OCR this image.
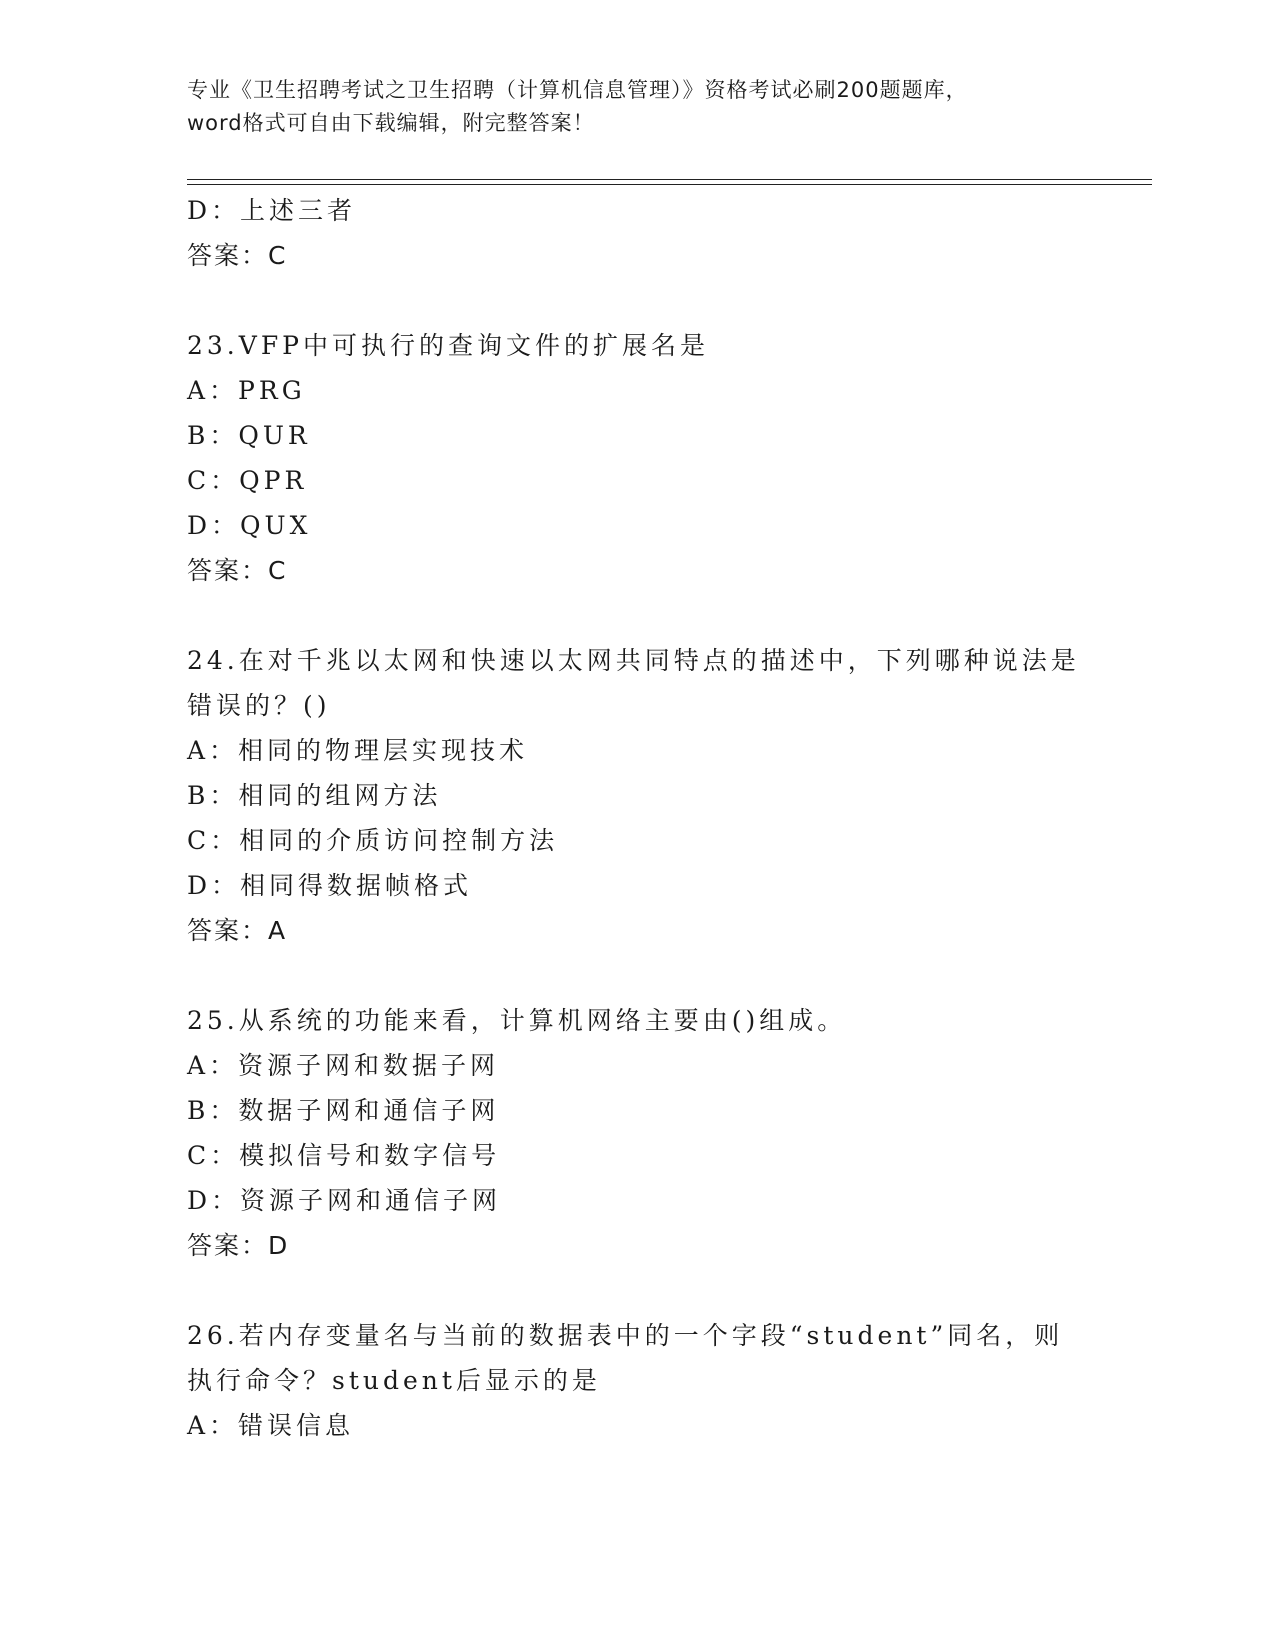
专业《卫生招聘考试之卫生招聘（计算机信息管理）》资格考试必刷200题题库，
word格式可自由下载编辑，附完整答案！
D：上述三者
答案：C
23.VFP中可执行的查询文件的扩展名是
A：PRG
B：QUR
C：QPR
D：QUX
答案：C
24.在对千兆以太网和快速以太网共同特点的描述中，下列哪种说法是
错误的？()
A：相同的物理层实现技术
B：相同的组网方法
C：相同的介质访问控制方法
D：相同得数据帧格式
答案：A
25.从系统的功能来看，计算机网络主要由()组成。
A：资源子网和数据子网
B：数据子网和通信子网
C：模拟信号和数字信号
D：资源子网和通信子网
答案：D
26.若内存变量名与当前的数据表中的一个字段“student”同名，则
执行命令？student后显示的是
A：错误信息
